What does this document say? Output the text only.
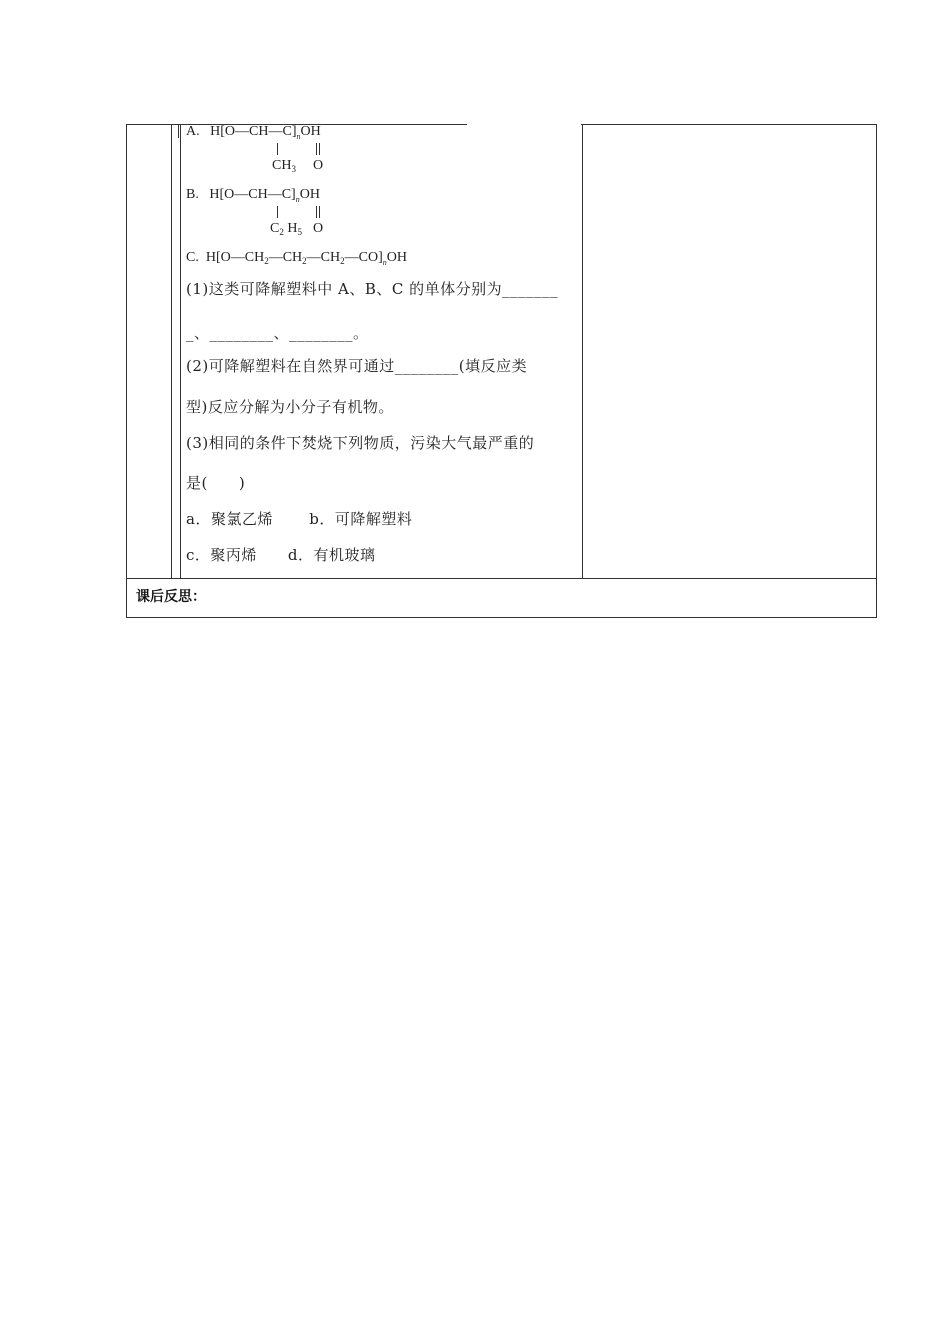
A. $H[O—CH—C]_nOH$
$CH_3$ O
B. $H[O—CH—C]_nOH$
$C_2$ $H_5$ O
C. $H[O—CH_2—CH_2—CH_2—CO]_nOH$
(1)这类可降解塑料中 A、B、C 的单体分别为_______
_、________、________。
(2)可降解塑料在自然界可通过________(填反应类
型)反应分解为小分子有机物。
(3)相同的条件下焚烧下列物质，污染大气最严重的
是(　　)
a．聚氯乙烯　　 b．可降解塑料
c．聚丙烯　　d．有机玻璃
课后反思：
